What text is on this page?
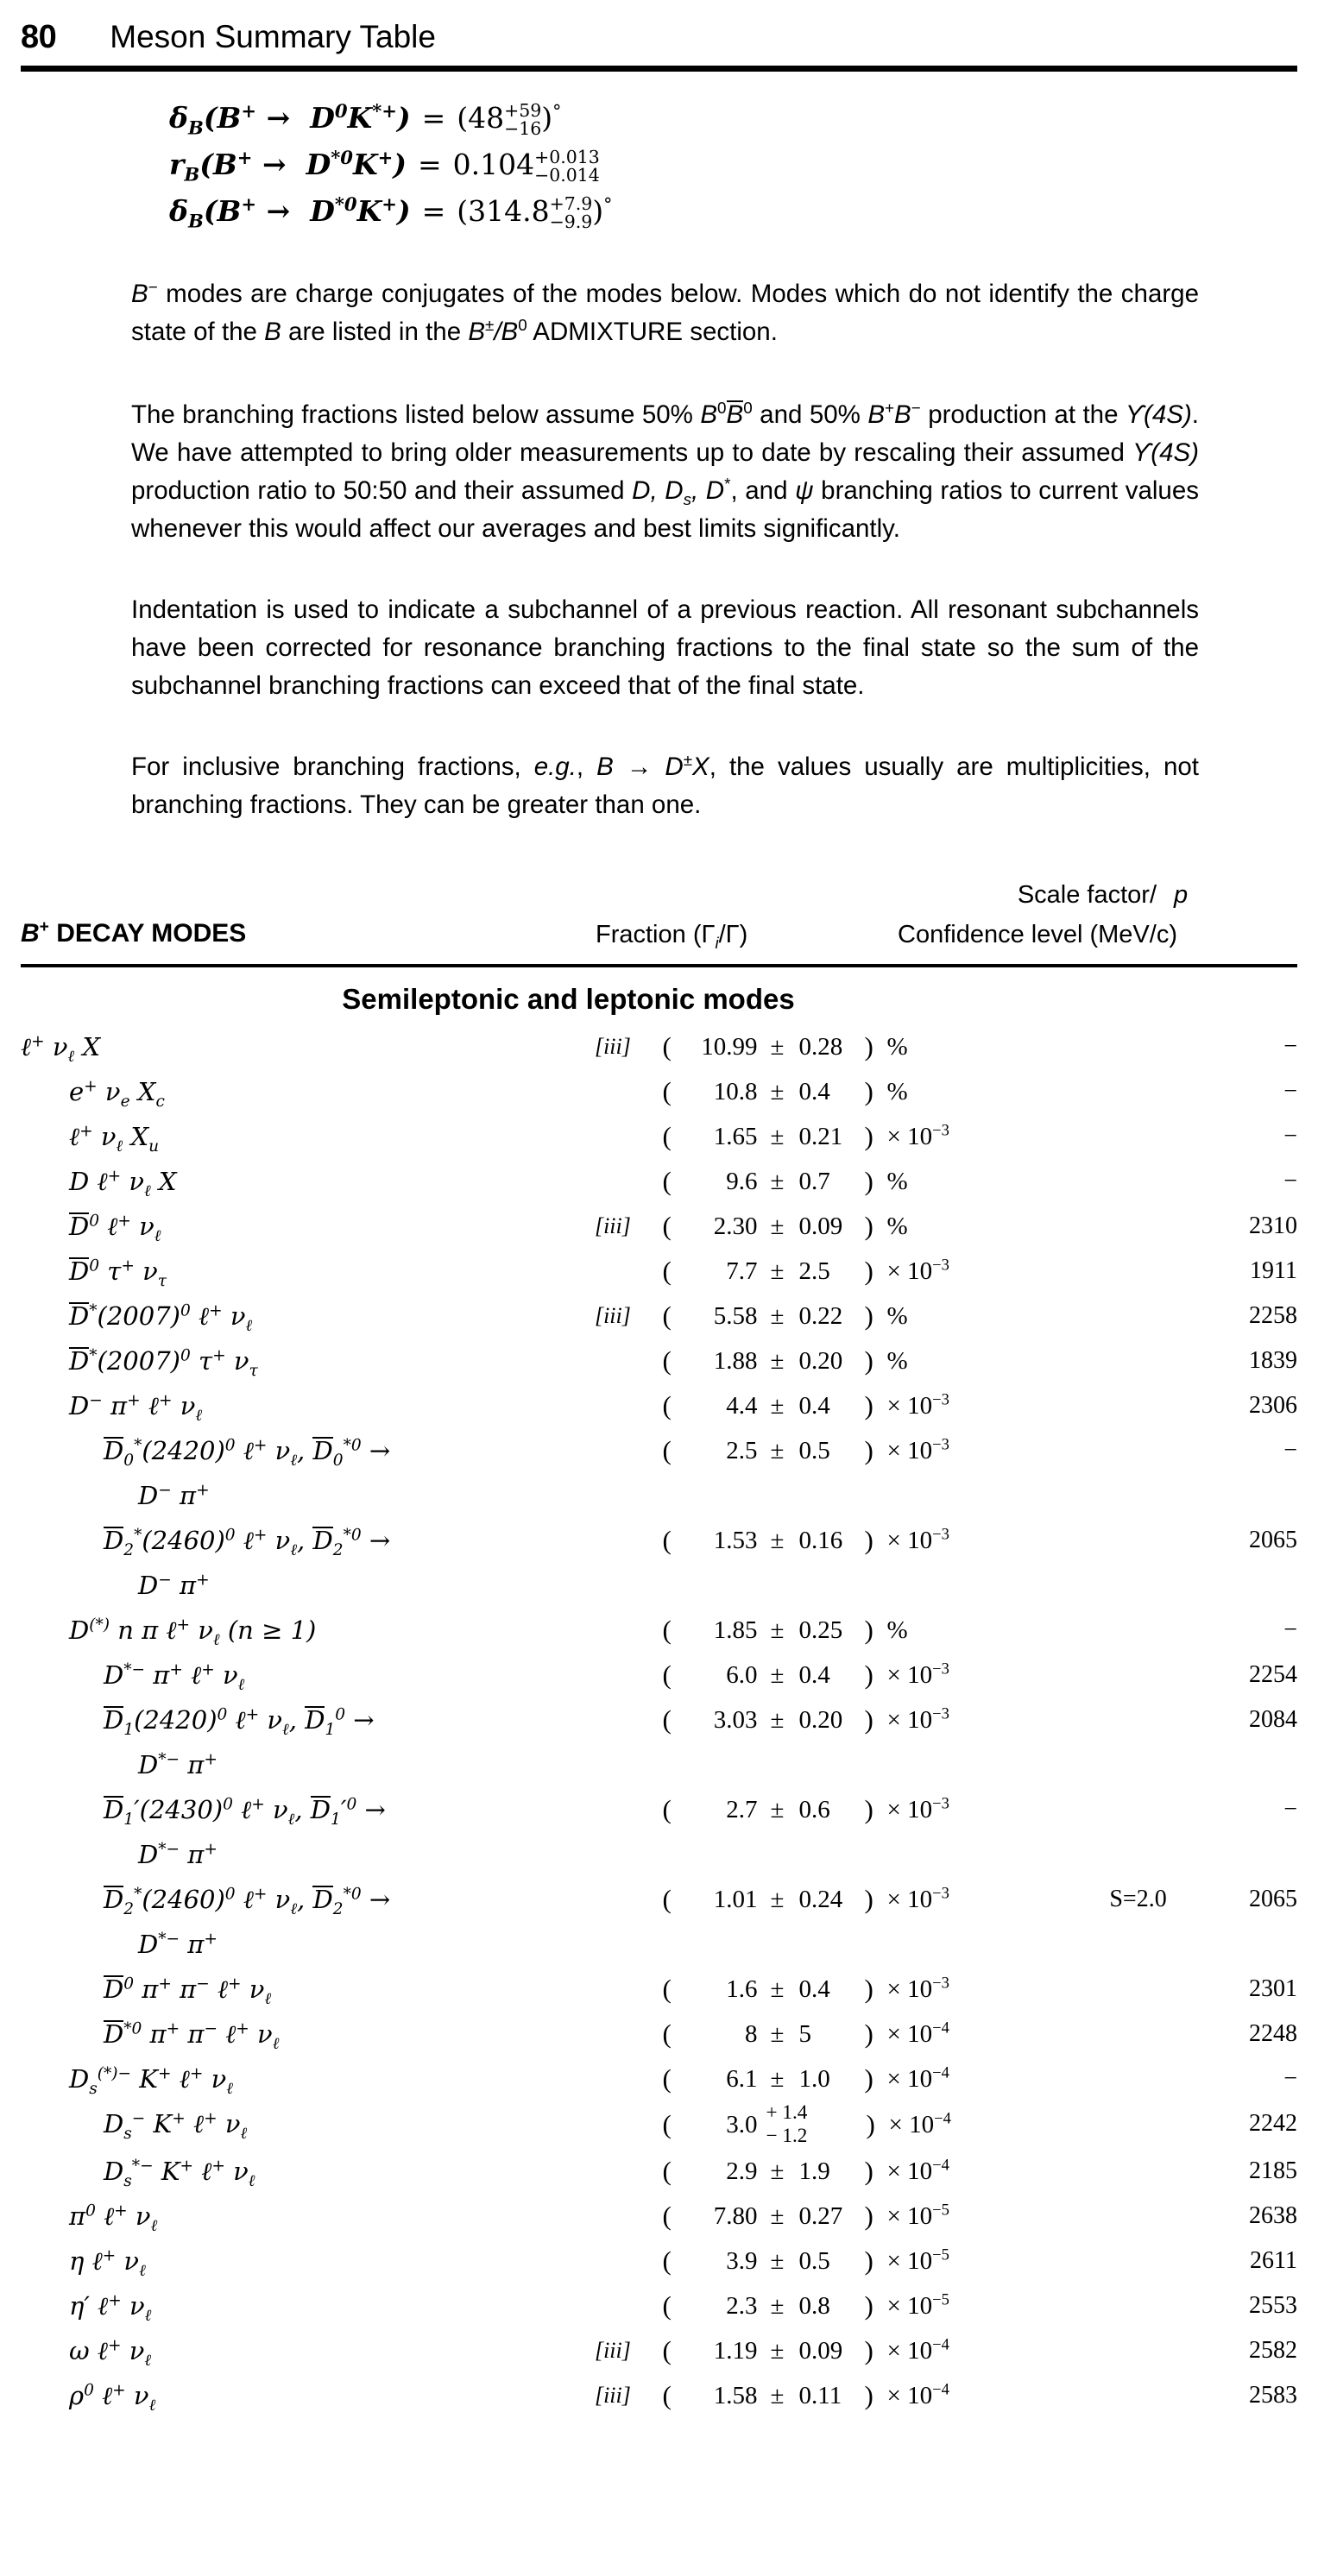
80 Meson Summary Table
$\delta_B(B^+ \to D^0K^{*+}) = (48 +59$
−16 )°
$r_B(B^+ \to D^{*0}K^+) = 0.104 +0.013$
−0.014
$\delta_B(B^+ \to D^{*0}K^+) = (314.8 +7.9$
−9.9 )°

B− modes are charge conjugates of the modes below. Modes which do not identify the charge state of the B are listed in the $B^\pm/B^0$ ADMIXTURE section.

The branching fractions listed below assume 50% $B^0B^0$ and 50% B+B− production at the ϒ(4S). We have attempted to bring older measurements up to date by rescaling their assumed ϒ(4S) production ratio to 50:50 and their assumed D, $D_s$, D*, and ψ branching ratios to current values whenever this would affect our averages and best limits significantly.

Indentation is used to indicate a subchannel of a previous reaction. All resonant subchannels have been corrected for resonance branching fractions to the final state so the sum of the subchannel branching fractions can exceed that of the final state.

For inclusive branching fractions, e.g., B → D±X, the values usually are multiplicities, not branching fractions. They can be greater than one.

Scale factor/ p
B+ DECAY MODES	Fraction $(\Gamma_i/\Gamma)$	Confidence level (MeV/c)
Semileptonic and leptonic modes
ℓ+ $\nu_\ell$ X	[iii]	(	10.99 ± 0.28 ) %		−
e+ $\nu_e$ $X_c$		(	10.8 ± 0.4	) %		−
ℓ+ $\nu_\ell$ $X_u$		(	1.65 ± 0.21 ) × $10^{-3}$		−
D ℓ+ $\nu_\ell$ X		(	9.6 ± 0.7	) %		−
$D^0$ ℓ+ $\nu_\ell$	[iii]	(	2.30 ± 0.09 ) %		2310
$D^0$ τ+ $\nu_\tau$		(	7.7 ± 2.5	) × $10^{-3}$		1911
$D^*(2007)^0$ ℓ+ $\nu_\ell$	[iii]	(	5.58 ± 0.22 ) %		2258
$D^*(2007)^0$ τ+ $\nu_\tau$		(	1.88 ± 0.20 ) %		1839
D− π+ ℓ+ $\nu_\ell$		(	4.4 ± 0.4	) × $10^{-3}$		2306
$D_0^*(2420)^0$ ℓ+ $\nu_\ell$, $D_0^{*0}$ →		(	2.5 ± 0.5	) × $10^{-3}$		−
D− π+				
$D_2^*(2460)^0$ ℓ+ $\nu_\ell$, $D_2^{*0}$ →		(	1.53 ± 0.16 ) × $10^{-3}$		2065
D− π+				
D(*) n π ℓ+ $\nu_\ell$ (n ≥ 1)		(	1.85 ± 0.25 ) %		−
D*− π+ ℓ+ $\nu_\ell$		(	6.0 ± 0.4	) × $10^{-3}$		2254
$D_1(2420)^0$ ℓ+ $\nu_\ell$, $D_1^0$ →		(	3.03 ± 0.20 ) × $10^{-3}$		2084
D*− π+				
$D_1'(2430)^0$ ℓ+ $\nu_\ell$, $D_1'^0$ →		(	2.7 ± 0.6	) × $10^{-3}$		−
D*− π+				
$D_2^*(2460)^0$ ℓ+ $\nu_\ell$, $D_2^{*0}$ →		(	1.01 ± 0.24 ) × $10^{-3}$	S=2.0	2065
D*− π+				
$D^0$ π+ π− ℓ+ $\nu_\ell$		(	1.6 ± 0.4	) × $10^{-3}$		2301
$D^{*0}$ π+ π− ℓ+ $\nu_\ell$		(	8 ± 5	) × $10^{-4}$		2248
$D_s^{(*)-}$ K+ ℓ+ $\nu_\ell$		(	6.1 ± 1.0	) × $10^{-4}$		−
$D_s^-$ K+ ℓ+ $\nu_\ell$		(	3.0 + 1.4
− 1.2	) × $10^{-4}$		2242
$D_s^{*-}$ K+ ℓ+ $\nu_\ell$		(	2.9 ± 1.9	) × $10^{-4}$		2185
$\pi^0$ ℓ+ $\nu_\ell$		(	7.80 ± 0.27 ) × $10^{-5}$		2638
η ℓ+ $\nu_\ell$		(	3.9 ± 0.5	) × $10^{-5}$		2611
η′ ℓ+ $\nu_\ell$		(	2.3 ± 0.8	) × $10^{-5}$		2553
ω ℓ+ $\nu_\ell$	[iii]	(	1.19 ± 0.09 ) × $10^{-4}$		2582
$\rho^0$ ℓ+ $\nu_\ell$	[iii]	(	1.58 ± 0.11 ) × $10^{-4}$		2583
